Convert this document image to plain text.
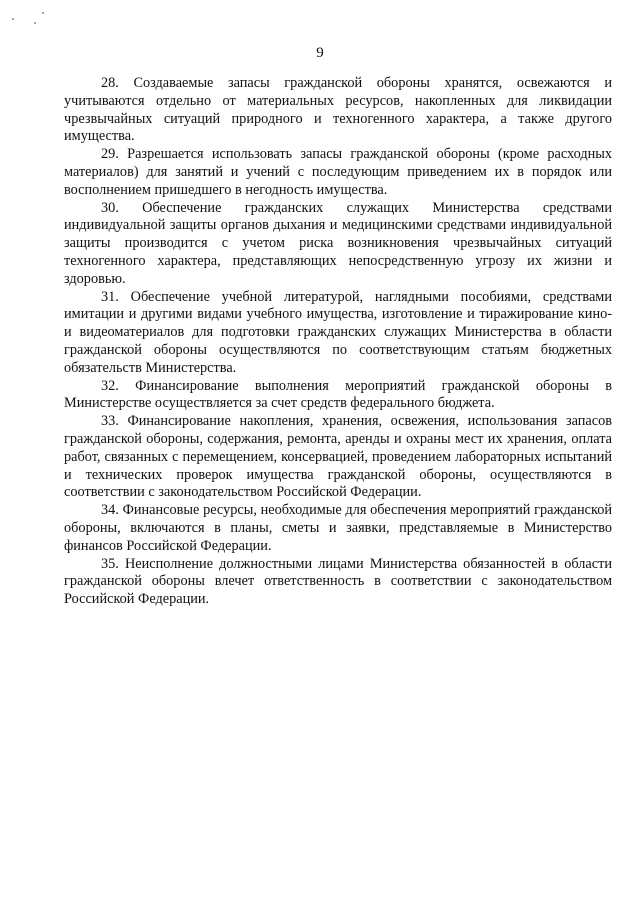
9

28. Создаваемые запасы гражданской обороны хранятся, освежаются и учитываются отдельно от материальных ресурсов, накопленных для ликвидации чрезвычайных ситуаций природного и техногенного характера, а также другого имущества.

29. Разрешается использовать запасы гражданской обороны (кроме расходных материалов) для занятий и учений с последующим приведением их в порядок или восполнением пришедшего в негодность имущества.

30. Обеспечение гражданских служащих Министерства средствами индивидуальной защиты органов дыхания и медицинскими средствами индивидуальной защиты производится с учетом риска возникновения чрезвычайных ситуаций техногенного характера, представляющих непосредственную угрозу их жизни и здоровью.

31. Обеспечение учебной литературой, наглядными пособиями, средствами имитации и другими видами учебного имущества, изготовление и тиражирование кино- и видеоматериалов для подготовки гражданских служащих Министерства в области гражданской обороны осуществляются по соответствующим статьям бюджетных обязательств Министерства.

32. Финансирование выполнения мероприятий гражданской обороны в Министерстве осуществляется за счет средств федерального бюджета.

33. Финансирование накопления, хранения, освежения, использования запасов гражданской обороны, содержания, ремонта, аренды и охраны мест их хранения, оплата работ, связанных с перемещением, консервацией, проведением лабораторных испытаний и технических проверок имущества гражданской обороны, осуществляются в соответствии с законодательством Российской Федерации.

34. Финансовые ресурсы, необходимые для обеспечения мероприятий гражданской обороны, включаются в планы, сметы и заявки, представляемые в Министерство финансов Российской Федерации.

35. Неисполнение должностными лицами Министерства обязанностей в области гражданской обороны влечет ответственность в соответствии с законодательством Российской Федерации.
